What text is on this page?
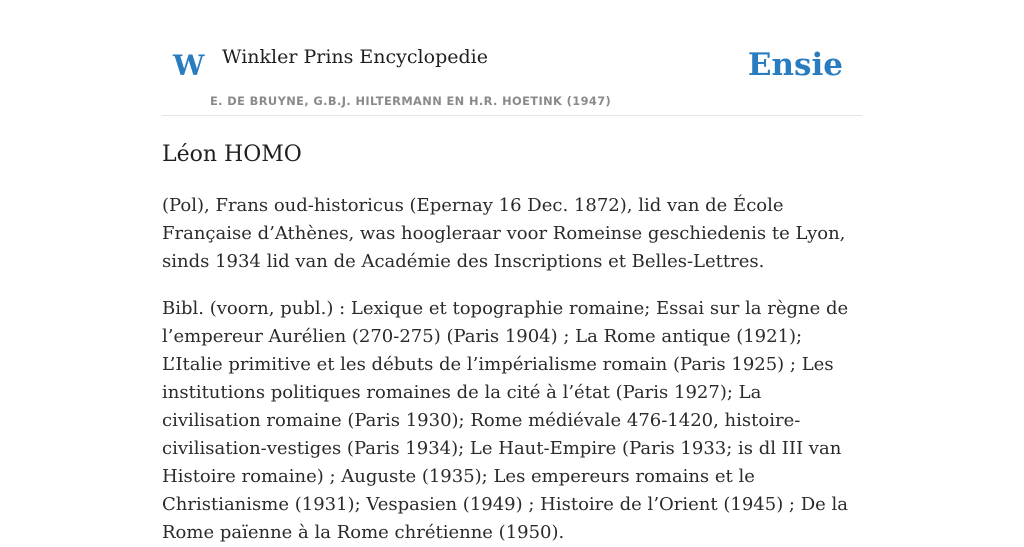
W Winkler Prins Encyclopedie
E. DE BRUYNE, G.B.J. HILTERMANN EN H.R. HOETINK (1947)
Ensie
Léon HOMO

(Pol), Frans oud-historicus (Epernay 16 Dec. 1872), lid van de École Française d’Athènes, was hoogleraar voor Romeinse geschiedenis te Lyon, sinds 1934 lid van de Académie des Inscriptions et Belles-Lettres.

Bibl. (voorn, publ.) : Lexique et topographie romaine; Essai sur la règne de l’empereur Aurélien (270-275) (Paris 1904) ; La Rome antique (1921); L’Italie primitive et les débuts de l’impérialisme romain (Paris 1925) ; Les institutions politiques romaines de la cité à l’état (Paris 1927); La civilisation romaine (Paris 1930); Rome médiévale 476-1420, histoire-civilisation-vestiges (Paris 1934); Le Haut-Empire (Paris 1933; is dl III van Histoire romaine) ; Auguste (1935); Les empereurs romains et le Christianisme (1931); Vespasien (1949) ; Histoire de l’Orient (1945) ; De la Rome païenne à la Rome chrétienne (1950).
